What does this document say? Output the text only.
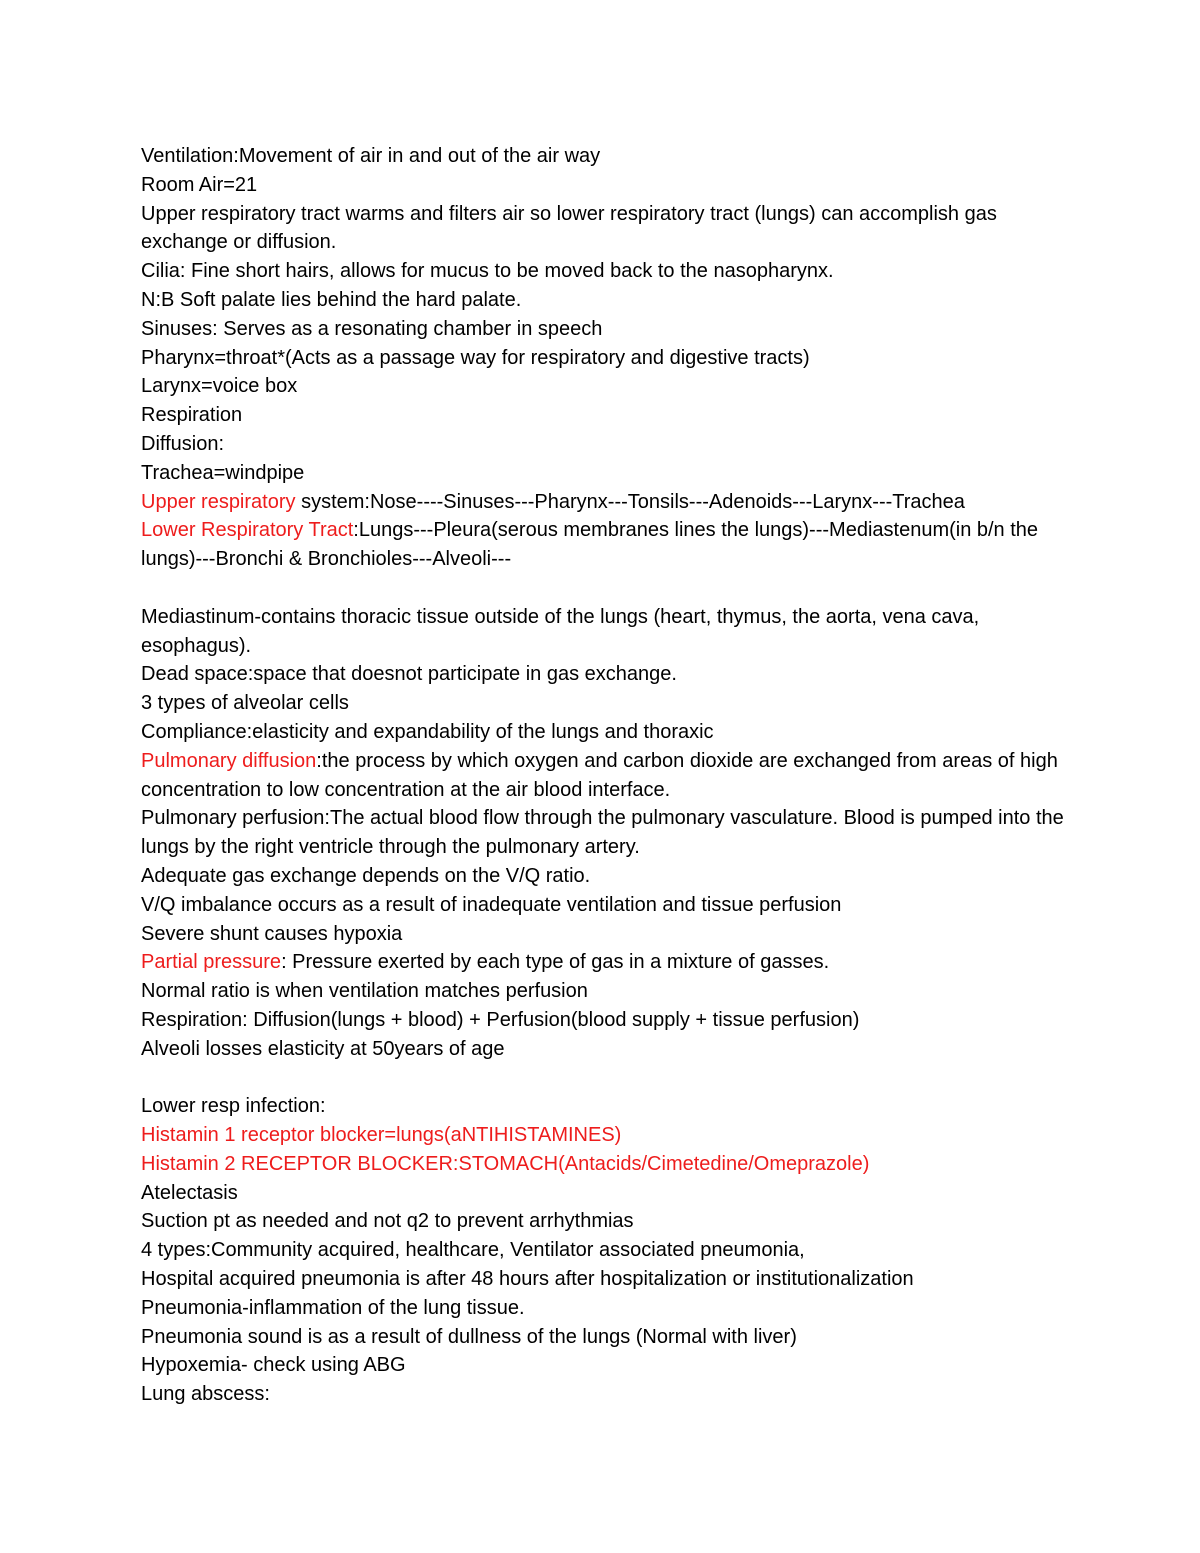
Ventilation:Movement of air in and out of the air way

Room Air=21

Upper respiratory tract warms and filters air so lower respiratory tract (lungs) can accomplish gas exchange or diffusion.

Cilia: Fine short hairs, allows for mucus to be moved back to the nasopharynx.

N:B Soft palate lies behind the hard palate.

Sinuses: Serves as a resonating chamber in speech

Pharynx=throat*(Acts as a passage way for respiratory and digestive tracts)

Larynx=voice box

Respiration

Diffusion:

Trachea=windpipe

Upper respiratory system:Nose----Sinuses---Pharynx---Tonsils---Adenoids---Larynx---Trachea

Lower Respiratory Tract:Lungs---Pleura(serous membranes lines the lungs)---Mediastenum(in b/n the lungs)---Bronchi & Bronchioles---Alveoli---

Mediastinum-contains thoracic tissue outside of the lungs (heart, thymus, the aorta, vena cava, esophagus).

Dead space:space that doesnot participate in gas exchange.

3 types of alveolar cells

Compliance:elasticity and expandability of the lungs and thoraxic

Pulmonary diffusion:the process by which oxygen and carbon dioxide are exchanged from areas of high concentration to low concentration at the air blood interface.

Pulmonary perfusion:The actual blood flow through the pulmonary vasculature. Blood is pumped into the lungs by the right ventricle through the pulmonary artery.

Adequate gas exchange depends on the V/Q ratio.

V/Q imbalance occurs as a result of inadequate ventilation and tissue perfusion

Severe shunt causes hypoxia

Partial pressure: Pressure exerted by each type of gas in a mixture of gasses.

Normal ratio is when ventilation matches perfusion

Respiration: Diffusion(lungs + blood) + Perfusion(blood supply + tissue perfusion)

Alveoli losses elasticity at 50years of age

Lower resp infection:

Histamin 1 receptor blocker=lungs(aNTIHISTAMINES)

Histamin 2 RECEPTOR BLOCKER:STOMACH(Antacids/Cimetedine/Omeprazole)

Atelectasis

Suction pt as needed and not q2 to prevent arrhythmias

4 types:Community acquired, healthcare, Ventilator associated pneumonia,

Hospital acquired pneumonia is after 48 hours after hospitalization or institutionalization

Pneumonia-inflammation of the lung tissue.

Pneumonia sound is as a result of dullness of the lungs (Normal with liver)

Hypoxemia- check using ABG

Lung abscess:
